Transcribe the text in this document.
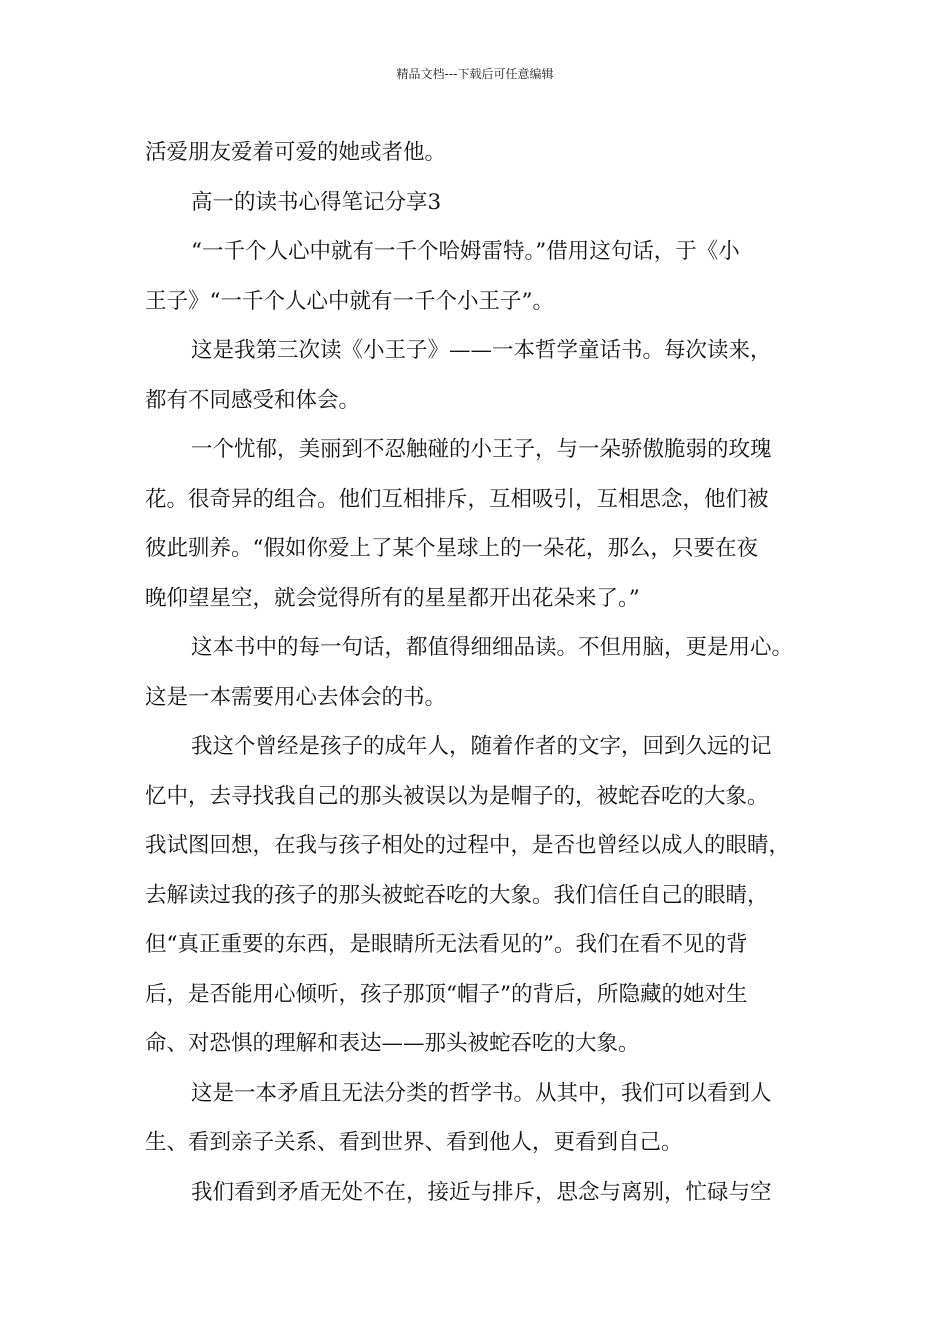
精品文档---下载后可任意编辑
活爱朋友爱着可爱的她或者他。
高一的读书心得笔记分享3
“一千个人心中就有一千个哈姆雷特。”借用这句话，于《小
王子》“一千个人心中就有一千个小王子”。
这是我第三次读《小王子》——一本哲学童话书。每次读来，
都有不同感受和体会。
一个忧郁，美丽到不忍触碰的小王子，与一朵骄傲脆弱的玫瑰
花。很奇异的组合。他们互相排斥，互相吸引，互相思念，他们被
彼此驯养。“假如你爱上了某个星球上的一朵花，那么，只要在夜
晚仰望星空，就会觉得所有的星星都开出花朵来了。”
这本书中的每一句话，都值得细细品读。不但用脑，更是用心。
这是一本需要用心去体会的书。
我这个曾经是孩子的成年人，随着作者的文字，回到久远的记
忆中，去寻找我自己的那头被误以为是帽子的，被蛇吞吃的大象。
我试图回想，在我与孩子相处的过程中，是否也曾经以成人的眼睛，
去解读过我的孩子的那头被蛇吞吃的大象。我们信任自己的眼睛，
但“真正重要的东西，是眼睛所无法看见的”。我们在看不见的背
后，是否能用心倾听，孩子那顶“帽子”的背后，所隐藏的她对生
命、对恐惧的理解和表达——那头被蛇吞吃的大象。
这是一本矛盾且无法分类的哲学书。从其中，我们可以看到人
生、看到亲子关系、看到世界、看到他人，更看到自己。
我们看到矛盾无处不在，接近与排斥，思念与离别，忙碌与空
